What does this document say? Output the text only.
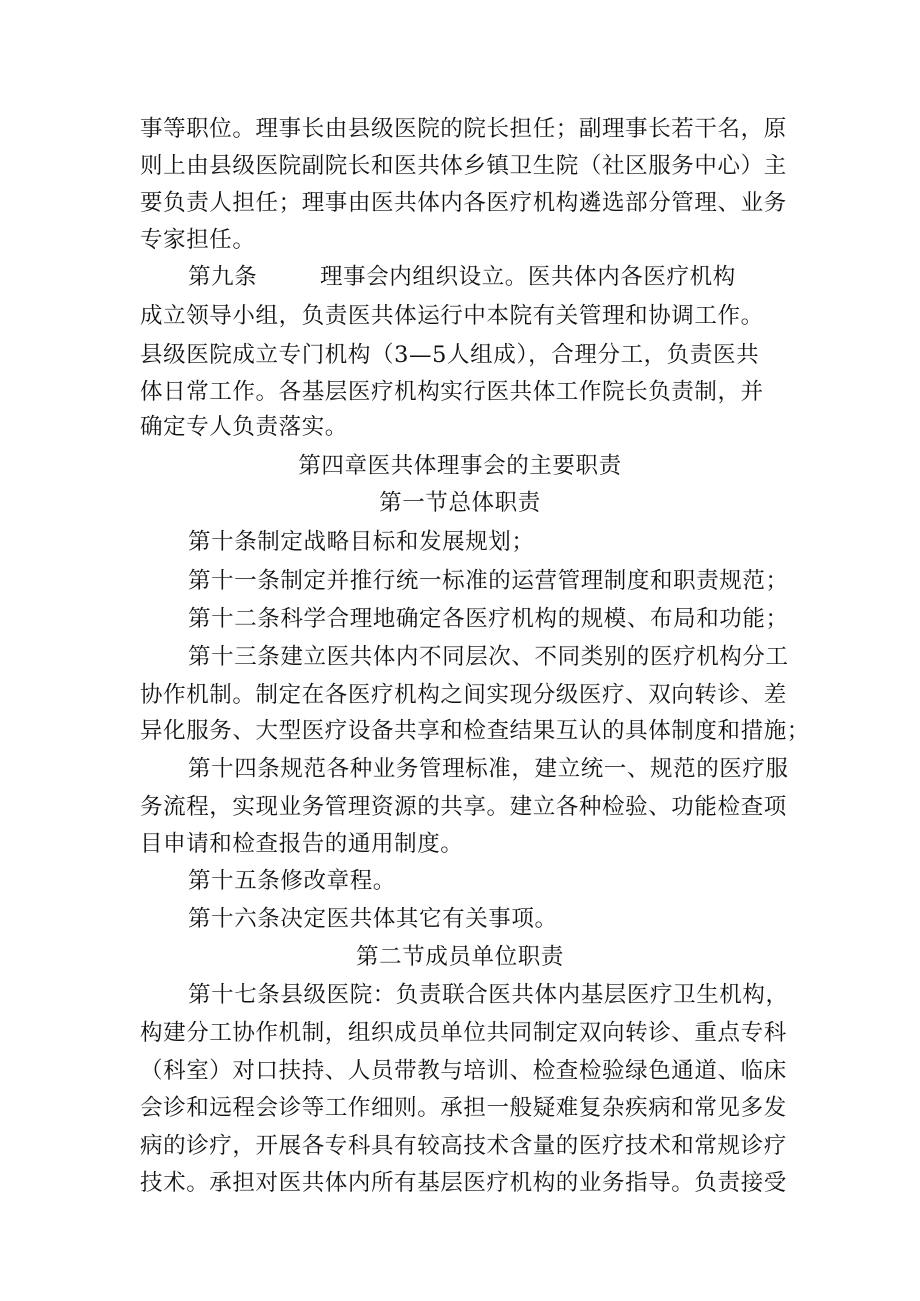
事等职位。理事长由县级医院的院长担任；副理事长若干名，原
则上由县级医院副院长和医共体乡镇卫生院（社区服务中心）主
要负责人担任；理事由医共体内各医疗机构遴选部分管理、业务
专家担任。
第九条	理事会内组织设立。医共体内各医疗机构
成立领导小组，负责医共体运行中本院有关管理和协调工作。
县级医院成立专门机构（3—5人组成），合理分工，负责医共
体日常工作。各基层医疗机构实行医共体工作院长负责制，并
确定专人负责落实。
第四章医共体理事会的主要职责
第一节总体职责
第十条制定战略目标和发展规划；
第十一条制定并推行统一标准的运营管理制度和职责规范；
第十二条科学合理地确定各医疗机构的规模、布局和功能；
第十三条建立医共体内不同层次、不同类别的医疗机构分工
协作机制。制定在各医疗机构之间实现分级医疗、双向转诊、差
异化服务、大型医疗设备共享和检查结果互认的具体制度和措施；
第十四条规范各种业务管理标准，建立统一、规范的医疗服
务流程，实现业务管理资源的共享。建立各种检验、功能检查项
目申请和检查报告的通用制度。
第十五条修改章程。
第十六条决定医共体其它有关事项。
第二节成员单位职责
第十七条县级医院：负责联合医共体内基层医疗卫生机构，
构建分工协作机制，组织成员单位共同制定双向转诊、重点专科
（科室）对口扶持、人员带教与培训、检查检验绿色通道、临床
会诊和远程会诊等工作细则。承担一般疑难复杂疾病和常见多发
病的诊疗，开展各专科具有较高技术含量的医疗技术和常规诊疗
技术。承担对医共体内所有基层医疗机构的业务指导。负责接受
